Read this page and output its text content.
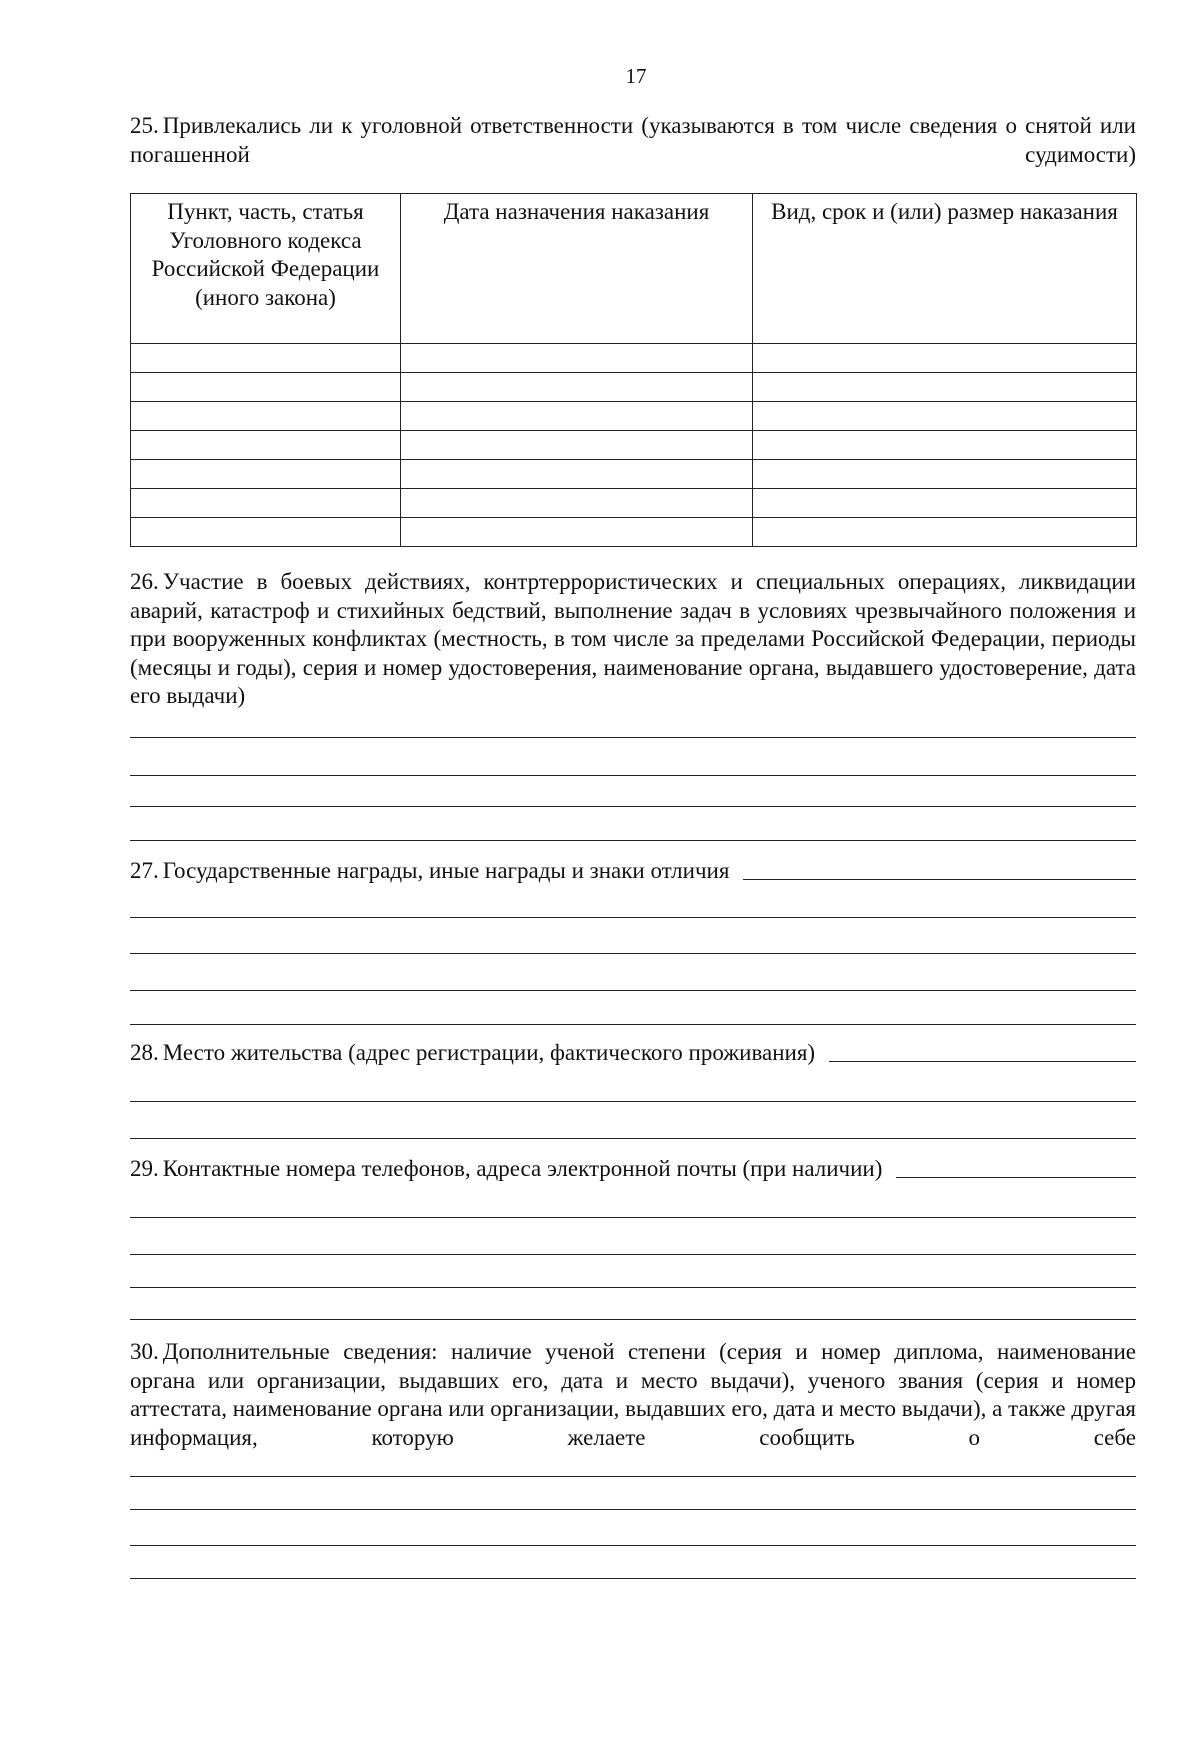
17
25. Привлекались ли к уголовной ответственности (указываются в том числе сведения о снятой или погашенной судимости)
Пункт, часть, статья Уголовного кодекса Российской Федерации (иного закона)	Дата назначения наказания	Вид, срок и (или) размер наказания

26. Участие в боевых действиях, контртеррористических и специальных операциях, ликвидации аварий, катастроф и стихийных бедствий, выполнение задач в условиях чрезвычайного положения и при вооруженных конфликтах (местность, в том числе за пределами Российской Федерации, периоды (месяцы и годы), серия и номер удостоверения, наименование органа, выдавшего удостоверение, дата его выдачи)
27. Государственные награды, иные награды и знаки отличия
28. Место жительства (адрес регистрации, фактического проживания)
29. Контактные номера телефонов, адреса электронной почты (при наличии)
30. Дополнительные сведения: наличие ученой степени (серия и номер диплома, наименование органа или организации, выдавших его, дата и место выдачи), ученого звания (серия и номер аттестата, наименование органа или организации, выдавших его, дата и место выдачи), а также другая информация, которую желаете сообщить о себе
